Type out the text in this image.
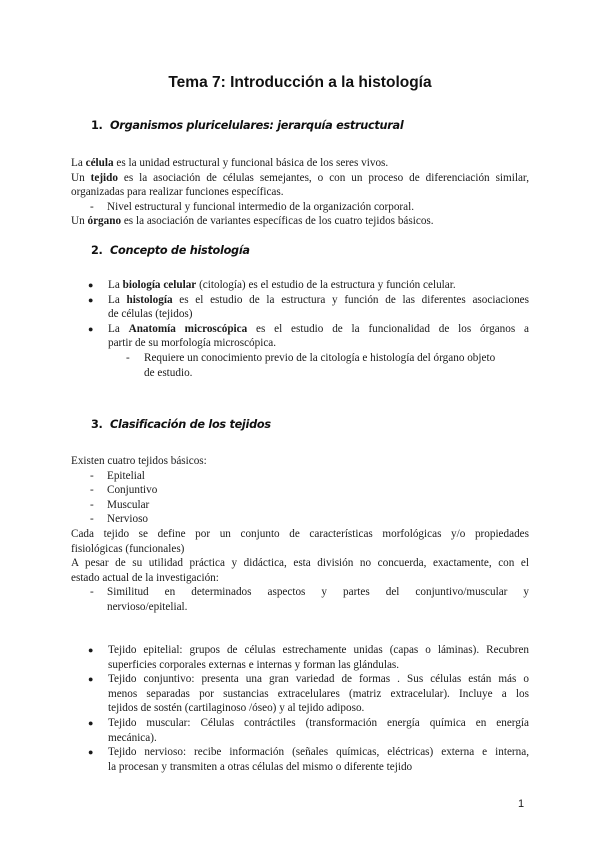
Tema 7: Introducción a la histología
1. Organismos pluricelulares: jerarquía estructural
La célula es la unidad estructural y funcional básica de los seres vivos.
Un tejido es la asociación de células semejantes, o con un proceso de diferenciación similar,
organizadas para realizar funciones específicas.
- Nivel estructural y funcional intermedio de la organización corporal.
Un órgano es la asociación de variantes específicas de los cuatro tejidos básicos.
2. Concepto de histología
● La biología celular (citología) es el estudio de la estructura y función celular.
● La histología es el estudio de la estructura y función de las diferentes asociaciones
de células (tejidos)
● La Anatomía microscópica es el estudio de la funcionalidad de los órganos a
partir de su morfología microscópica.
- Requiere un conocimiento previo de la citología e histología del órgano objeto
de estudio.
3. Clasificación de los tejidos
Existen cuatro tejidos básicos:
- Epitelial
- Conjuntivo
- Muscular
- Nervioso
Cada tejido se define por un conjunto de características morfológicas y/o propiedades
fisiológicas (funcionales)
A pesar de su utilidad práctica y didáctica, esta división no concuerda, exactamente, con el
estado actual de la investigación:
- Similitud en determinados aspectos y partes del conjuntivo/muscular y
nervioso/epitelial.
● Tejido epitelial: grupos de células estrechamente unidas (capas o láminas). Recubren
superficies corporales externas e internas y forman las glándulas.
● Tejido conjuntivo: presenta una gran variedad de formas . Sus células están más o
menos separadas por sustancias extracelulares (matriz extracelular). Incluye a los
tejidos de sostén (cartilaginoso /óseo) y al tejido adiposo.
● Tejido muscular: Células contráctiles (transformación energía química en energía
mecánica).
● Tejido nervioso: recibe información (señales químicas, eléctricas) externa e interna,
la procesan y transmiten a otras células del mismo o diferente tejido
1
